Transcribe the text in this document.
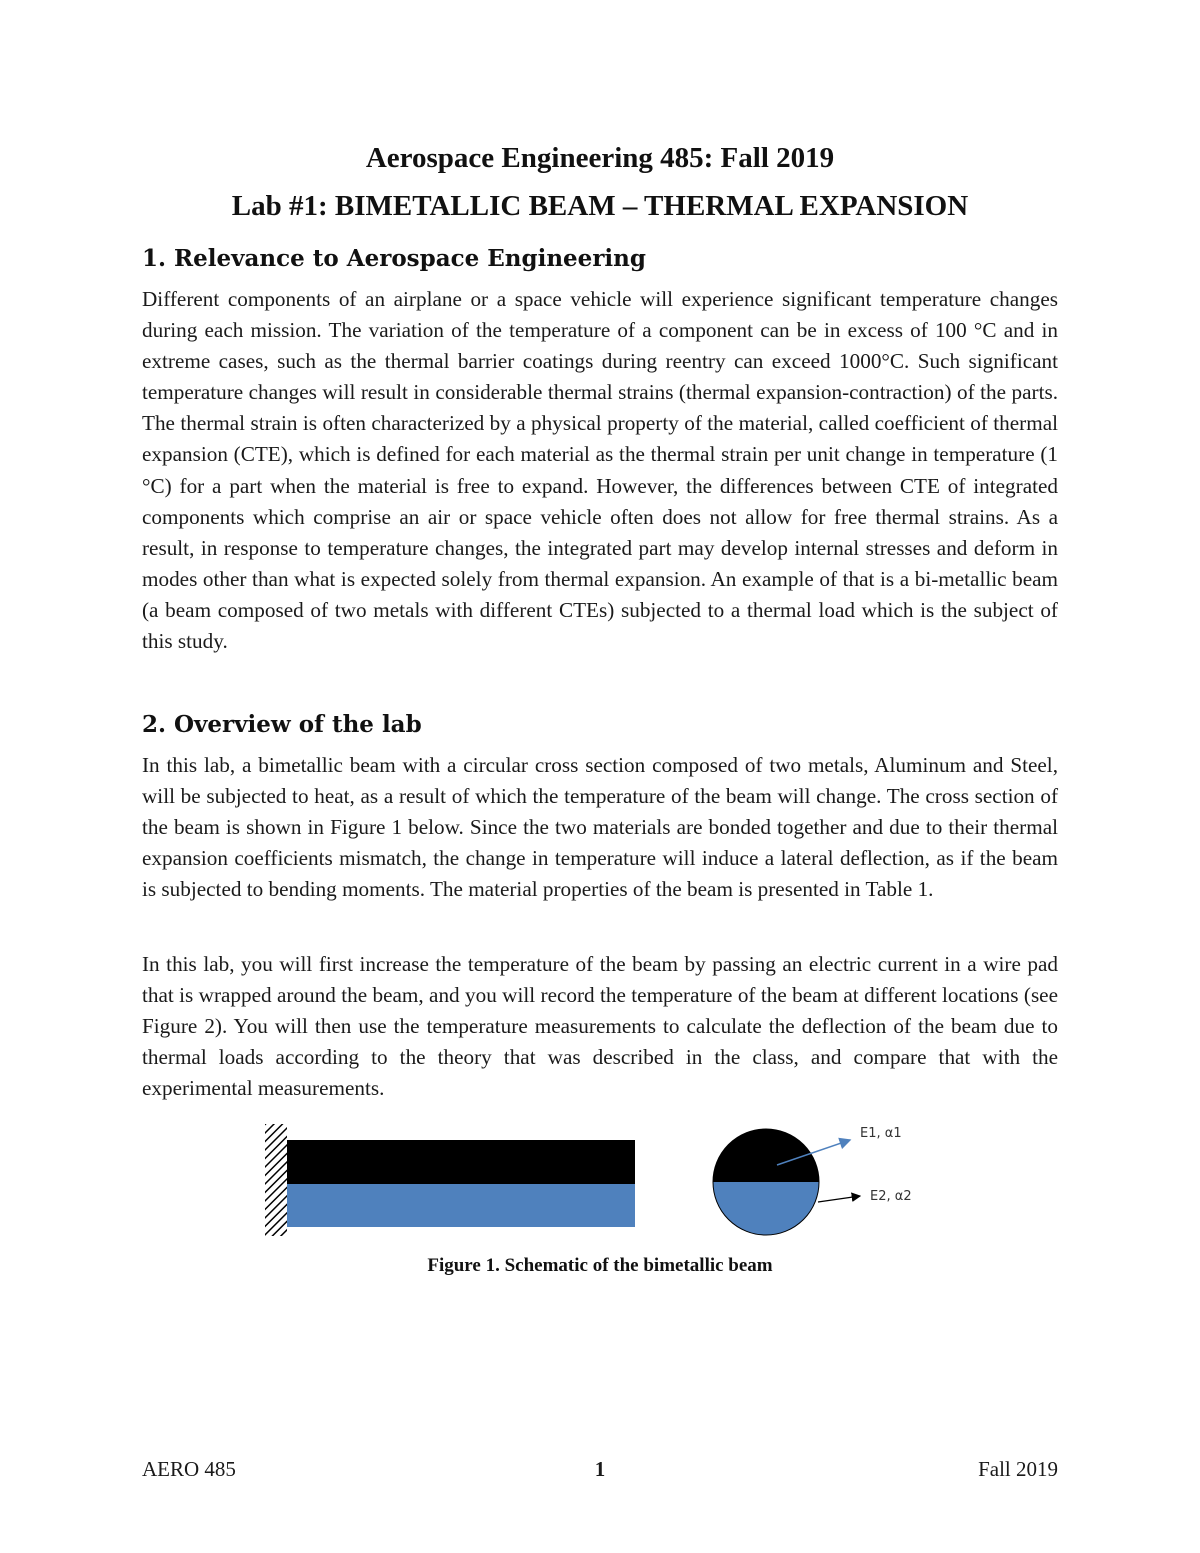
Aerospace Engineering 485: Fall 2019
Lab #1: BIMETALLIC BEAM – THERMAL EXPANSION
1. Relevance to Aerospace Engineering

Different components of an airplane or a space vehicle will experience significant temperature changes during each mission. The variation of the temperature of a component can be in excess of 100 °C and in extreme cases, such as the thermal barrier coatings during reentry can exceed 1000°C. Such significant temperature changes will result in considerable thermal strains (thermal expansion-contraction) of the parts. The thermal strain is often characterized by a physical property of the material, called coefficient of thermal expansion (CTE), which is defined for each material as the thermal strain per unit change in temperature (1 °C) for a part when the material is free to expand. However, the differences between CTE of integrated components which comprise an air or space vehicle often does not allow for free thermal strains. As a result, in response to temperature changes, the integrated part may develop internal stresses and deform in modes other than what is expected solely from thermal expansion. An example of that is a bi-metallic beam (a beam composed of two metals with different CTEs) subjected to a thermal load which is the subject of this study.

2. Overview of the lab

In this lab, a bimetallic beam with a circular cross section composed of two metals, Aluminum and Steel, will be subjected to heat, as a result of which the temperature of the beam will change. The cross section of the beam is shown in Figure 1 below. Since the two materials are bonded together and due to their thermal expansion coefficients mismatch, the change in temperature will induce a lateral deflection, as if the beam is subjected to bending moments. The material properties of the beam is presented in Table 1.

In this lab, you will first increase the temperature of the beam by passing an electric current in a wire pad that is wrapped around the beam, and you will record the temperature of the beam at different locations (see Figure 2). You will then use the temperature measurements to calculate the deflection of the beam due to thermal loads according to the theory that was described in the class, and compare that with the experimental measurements.

E1, α1
E2, α2
Figure 1. Schematic of the bimetallic beam
AERO 485	1	Fall 2019
